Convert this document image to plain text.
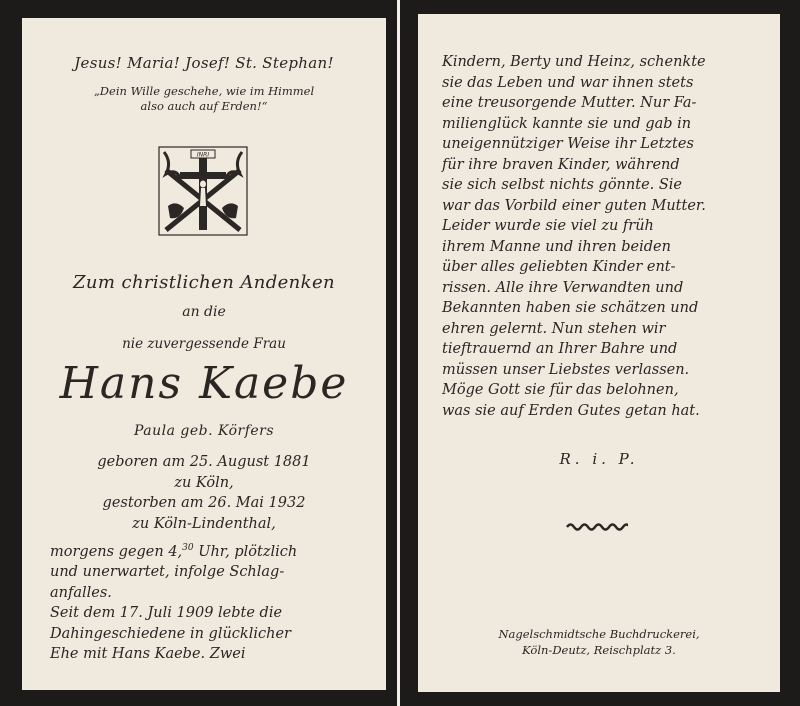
Jesus! Maria! Josef! St. Stephan!
„Dein Wille geschehe, wie im Himmel
also auch auf Erden!“
INRI
Zum christlichen Andenken
an die
nie zuvergessende Frau
Hans Kaebe
Paula geb. Körfers
geboren am 25. August 1881
zu Köln,
gestorben am 26. Mai 1932
zu Köln-Lindenthal,
morgens gegen 4,30 Uhr, plötzlich
und unerwartet, infolge Schlag-
anfalles.
Seit dem 17. Juli 1909 lebte die
Dahingeschiedene in glücklicher
Ehe mit Hans Kaebe. Zwei
Kindern, Berty und Heinz, schenkte
sie das Leben und war ihnen stets
eine treusorgende Mutter. Nur Fa-
milienglück kannte sie und gab in
uneigennütziger Weise ihr Letztes
für ihre braven Kinder, während
sie sich selbst nichts gönnte. Sie
war das Vorbild einer guten Mutter.
Leider wurde sie viel zu früh
ihrem Manne und ihren beiden
über alles geliebten Kinder ent-
rissen. Alle ihre Verwandten und
Bekannten haben sie schätzen und
ehren gelernt. Nun stehen wir
tieftrauernd an Ihrer Bahre und
müssen unser Liebstes verlassen.
Möge Gott sie für das belohnen,
was sie auf Erden Gutes getan hat.
R. i. P.
Nagelschmidtsche Buchdruckerei,
Köln-Deutz, Reischplatz 3.
